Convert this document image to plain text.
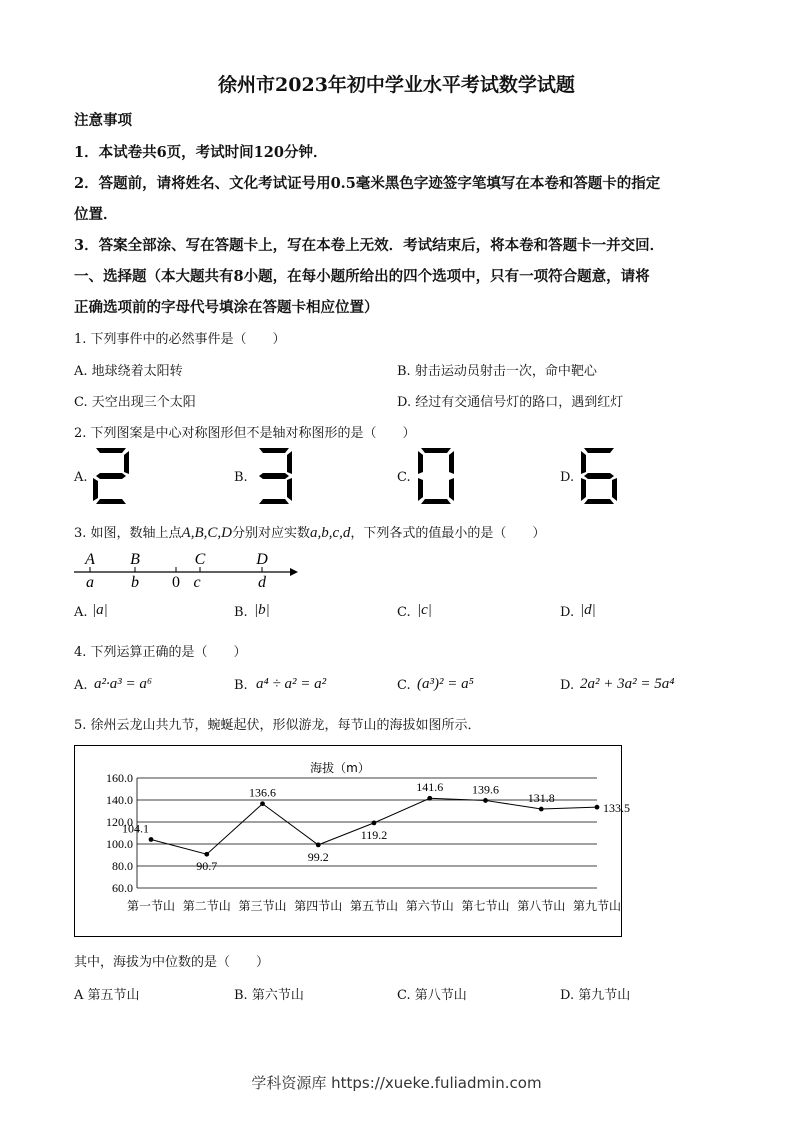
徐州市2023年初中学业水平考试数学试题
注意事项
1．本试卷共6页，考试时间120分钟．
2．答题前，请将姓名、文化考试证号用0.5毫米黑色字迹签字笔填写在本卷和答题卡的指定
位置．
3．答案全部涂、写在答题卡上，写在本卷上无效．考试结束后，将本卷和答题卡一并交回．
一、选择题（本大题共有8小题，在每小题所给出的四个选项中，只有一项符合题意，请将
正确选项前的字母代号填涂在答题卡相应位置）
1. 下列事件中的必然事件是（　　）
A. 地球绕着太阳转	B. 射击运动员射击一次，命中靶心
C. 天空出现三个太阳	D. 经过有交通信号灯的路口，遇到红灯
2. 下列图案是中心对称图形但不是轴对称图形的是（　　）
A.	B.	C.	D.
3. 如图，数轴上点A,B,C,D分别对应实数a,b,c,d，下列各式的值最小的是（　　）
A B	C	D
a b 0 c	d
A. |a|	B. |b|	C. |c|	D. |d|
4. 下列运算正确的是（　　）
A. a²·a³ = a⁶	B. a⁴ ÷ a² = a²	C. (a³)² = a⁵	D. 2a² + 3a² = 5a⁴
5. 徐州云龙山共九节，蜿蜒起伏，形似游龙，每节山的海拔如图所示．
海拔（m）
160.0
140.0
120.0
100.0
80.0
60.0
104.1
90.7
136.6
99.2
119.2
141.6 139.6
131.8
133.5
第一节山 第二节山 第三节山 第四节山 第五节山 第六节山 第七节山 第八节山 第九节山
其中，海拔为中位数的是（　　）
A 第五节山	B. 第六节山	C. 第八节山	D. 第九节山
学科资源库 https://xueke.fuliadmin.com
